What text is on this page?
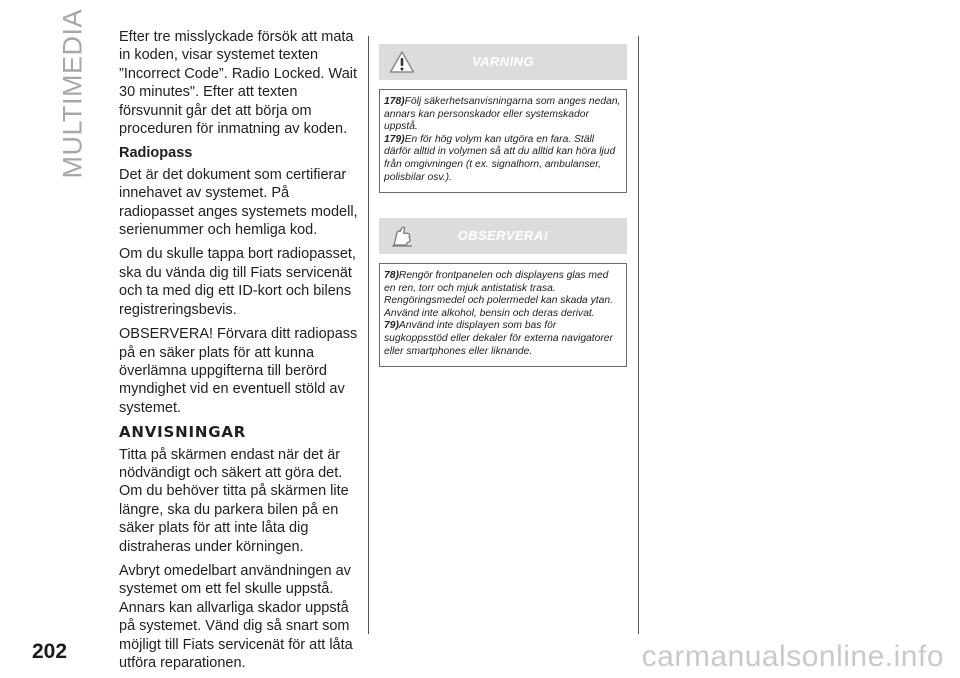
MULTIMEDIA
202

Efter tre misslyckade försök att mata in koden, visar systemet texten ”Incorrect Code”. Radio Locked. Wait 30 minutes". Efter att texten försvunnit går det att börja om proceduren för inmatning av koden.

Radiopass

Det är det dokument som certifierar innehavet av systemet. På radiopasset anges systemets modell, serienummer och hemliga kod.

Om du skulle tappa bort radiopasset, ska du vända dig till Fiats servicenät och ta med dig ett ID-kort och bilens registreringsbevis.

OBSERVERA! Förvara ditt radiopass på en säker plats för att kunna överlämna uppgifterna till berörd myndighet vid en eventuell stöld av systemet.

ANVISNINGAR

Titta på skärmen endast när det är nödvändigt och säkert att göra det. Om du behöver titta på skärmen lite längre, ska du parkera bilen på en säker plats för att inte låta dig distraheras under körningen.

Avbryt omedelbart användningen av systemet om ett fel skulle uppstå. Annars kan allvarliga skador uppstå på systemet. Vänd dig så snart som möjligt till Fiats servicenät för att låta utföra reparationen.

VARNING

178)Följ säkerhetsanvisningarna som anges nedan, annars kan personskador eller systemskador uppstå.

179)En för hög volym kan utgöra en fara. Ställ därför alltid in volymen så att du alltid kan höra ljud från omgivningen (t ex. signalhorn, ambulanser, polisbilar osv.).

OBSERVERA!

78)Rengör frontpanelen och displayens glas med en ren, torr och mjuk antistatisk trasa. Rengöringsmedel och polermedel kan skada ytan. Använd inte alkohol, bensin och deras derivat.

79)Använd inte displayen som bas för sugkoppsstöd eller dekaler för externa navigatorer eller smartphones eller liknande.

carmanualsonline.info
